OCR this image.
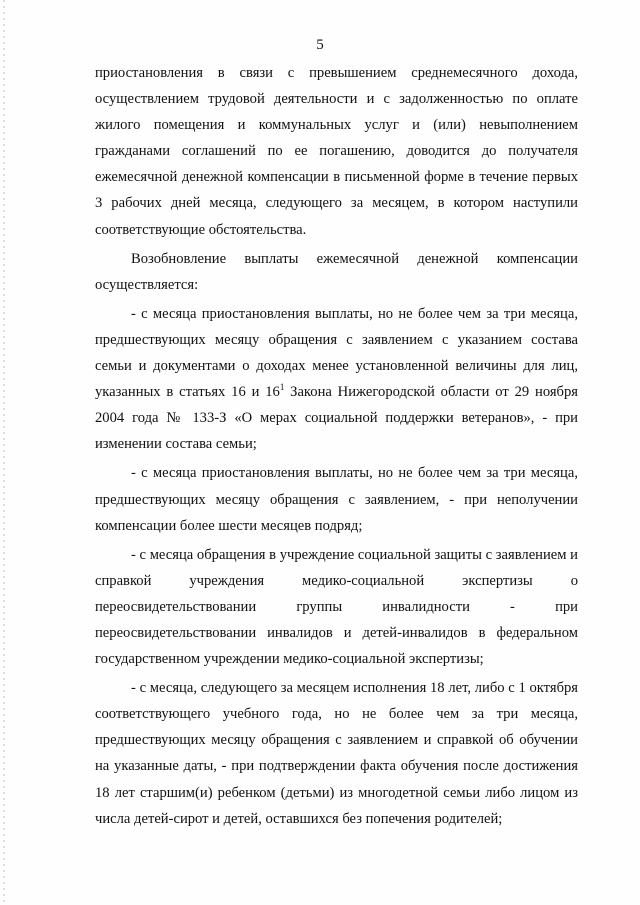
5

приостановления в связи с превышением среднемесячного дохода, осуществлением трудовой деятельности и с задолженностью по оплате жилого помещения и коммунальных услуг и (или) невыполнением гражданами соглашений по ее погашению, доводится до получателя ежемесячной денежной компенсации в письменной форме в течение первых 3 рабочих дней месяца, следующего за месяцем, в котором наступили соответствующие обстоятельства.

Возобновление выплаты ежемесячной денежной компенсации осуществляется:

- с месяца приостановления выплаты, но не более чем за три месяца, предшествующих месяцу обращения с заявлением с указанием состава семьи и документами о доходах менее установленной величины для лиц, указанных в статьях 16 и $16^1$ Закона Нижегородской области от 29 ноября 2004 года № 133-З «О мерах социальной поддержки ветеранов», - при изменении состава семьи;

- с месяца приостановления выплаты, но не более чем за три месяца, предшествующих месяцу обращения с заявлением, - при неполучении компенсации более шести месяцев подряд;

- с месяца обращения в учреждение социальной защиты с заявлением и справкой учреждения медико-социальной экспертизы о переосвидетельствовании группы инвалидности - при переосвидетельствовании инвалидов и детей-инвалидов в федеральном государственном учреждении медико-социальной экспертизы;

- с месяца, следующего за месяцем исполнения 18 лет, либо с 1 октября соответствующего учебного года, но не более чем за три месяца, предшествующих месяцу обращения с заявлением и справкой об обучении на указанные даты, - при подтверждении факта обучения после достижения 18 лет старшим(и) ребенком (детьми) из многодетной семьи либо лицом из числа детей-сирот и детей, оставшихся без попечения родителей;
